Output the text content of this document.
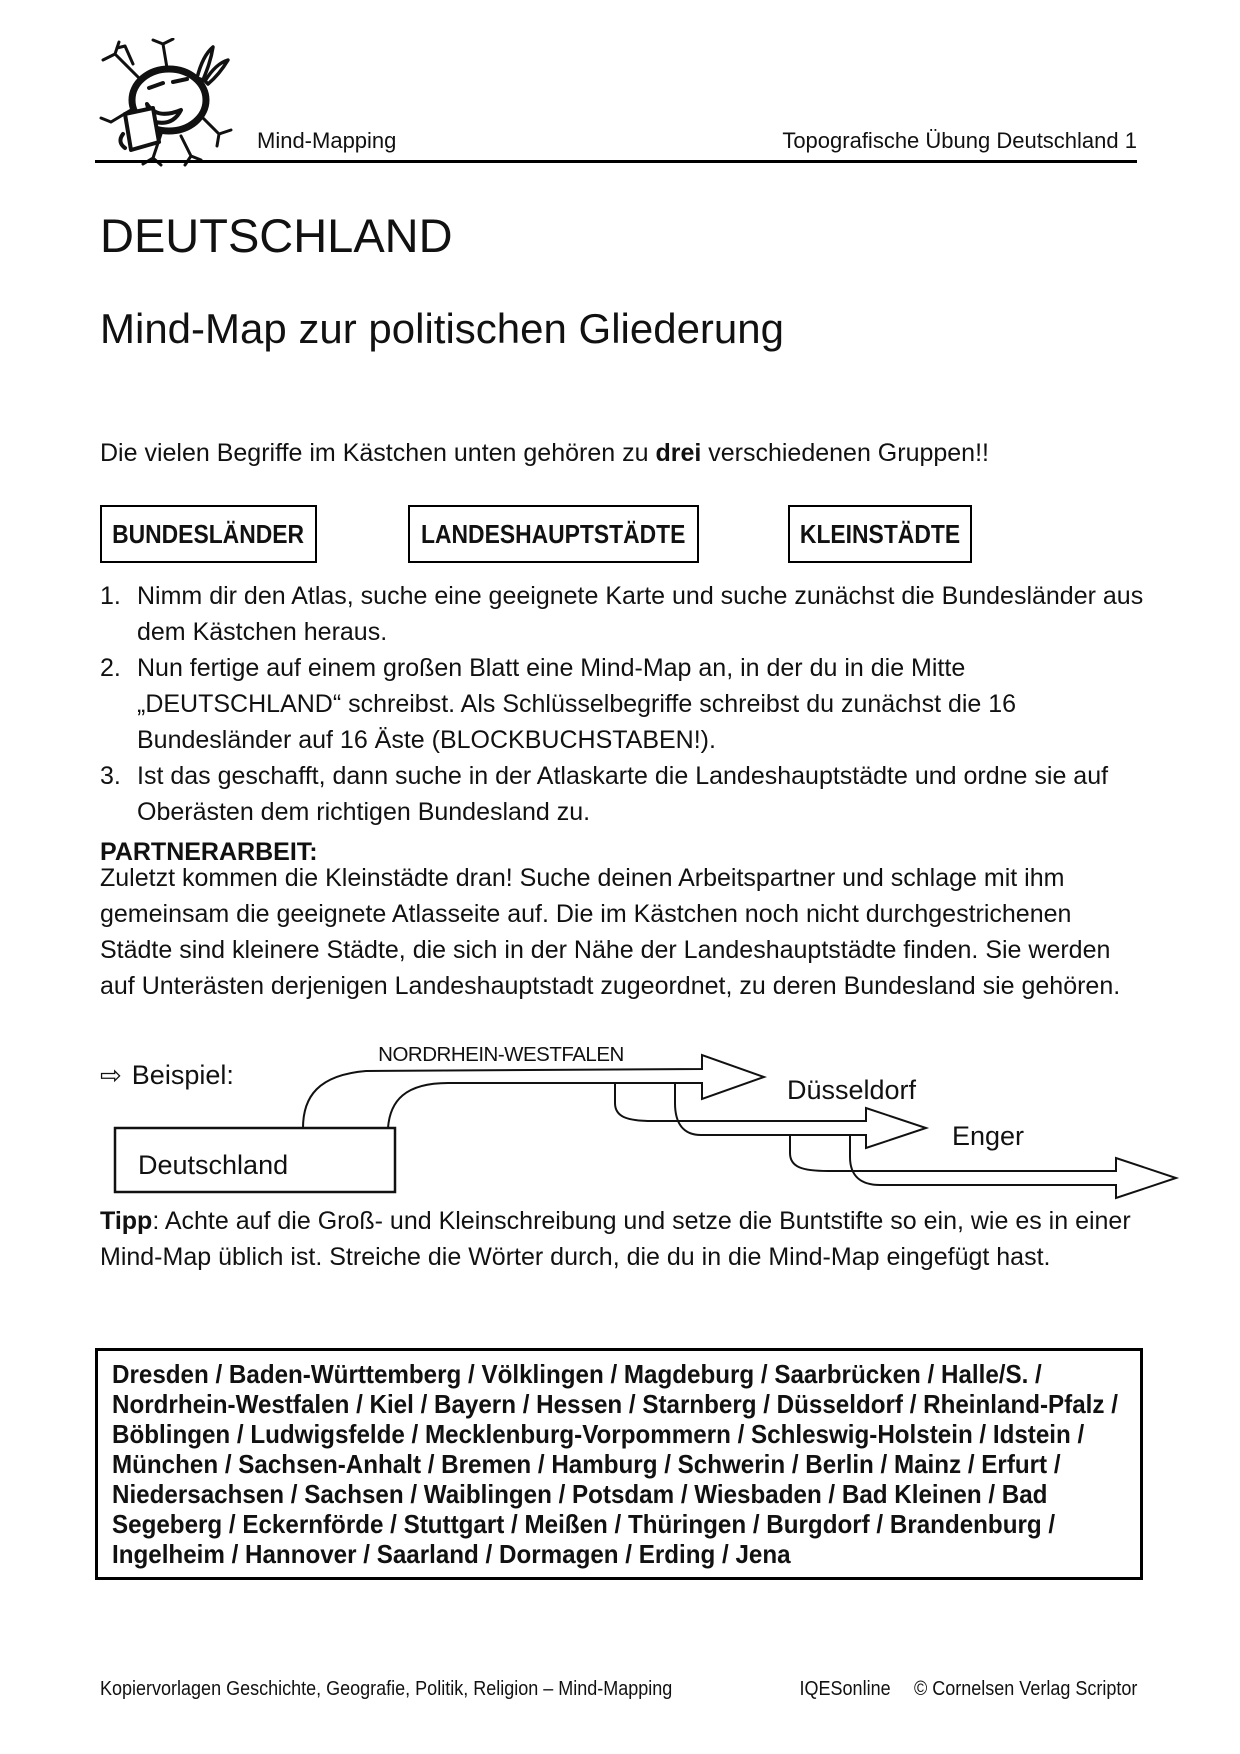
Mind-Mapping	Topografische Übung Deutschland 1
DEUTSCHLAND
Mind-Map zur politischen Gliederung

Die vielen Begriffe im Kästchen unten gehören zu drei verschiedenen Gruppen!!

BUNDESLÄNDER	LANDESHAUPTSTÄDTE	KLEINSTÄDTE
1. Nimm dir den Atlas, suche eine geeignete Karte und suche zunächst die Bundesländer aus dem Kästchen heraus.
2. Nun fertige auf einem großen Blatt eine Mind-Map an, in der du in die Mitte „DEUTSCHLAND“ schreibst. Als Schlüsselbegriffe schreibst du zunächst die 16 Bundesländer auf 16 Äste (BLOCKBUCHSTABEN!).
3. Ist das geschafft, dann suche in der Atlaskarte die Landeshauptstädte und ordne sie auf Oberästen dem richtigen Bundesland zu.
PARTNERARBEIT:

Zuletzt kommen die Kleinstädte dran! Suche deinen Arbeitspartner und schlage mit ihm gemeinsam die geeignete Atlasseite auf. Die im Kästchen noch nicht durchgestrichenen Städte sind kleinere Städte, die sich in der Nähe der Landeshauptstädte finden. Sie werden auf Unterästen derjenigen Landeshauptstadt zugeordnet, zu deren Bundesland sie gehören.

⇨ Beispiel:
Deutschland
NORDRHEIN-WESTFALEN
Düsseldorf
Enger

Tipp: Achte auf die Groß- und Kleinschreibung und setze die Buntstifte so ein, wie es in einer Mind-Map üblich ist. Streiche die Wörter durch, die du in die Mind-Map eingefügt hast.

Dresden / Baden-Württemberg / Völklingen / Magdeburg / Saarbrücken / Halle/S. / Nordrhein-Westfalen / Kiel / Bayern / Hessen / Starnberg / Düsseldorf / Rheinland-Pfalz / Böblingen / Ludwigsfelde / Mecklenburg-Vorpommern / Schleswig-Holstein / Idstein / München / Sachsen-Anhalt / Bremen / Hamburg / Schwerin / Berlin / Mainz / Erfurt / Niedersachsen / Sachsen / Waiblingen / Potsdam / Wiesbaden / Bad Kleinen / Bad Segeberg / Eckernförde / Stuttgart / Meißen / Thüringen / Burgdorf / Brandenburg / Ingelheim / Hannover / Saarland / Dormagen / Erding / Jena
Kopiervorlagen Geschichte, Geografie, Politik, Religion – Mind-Mapping	IQESonline © Cornelsen Verlag Scriptor
